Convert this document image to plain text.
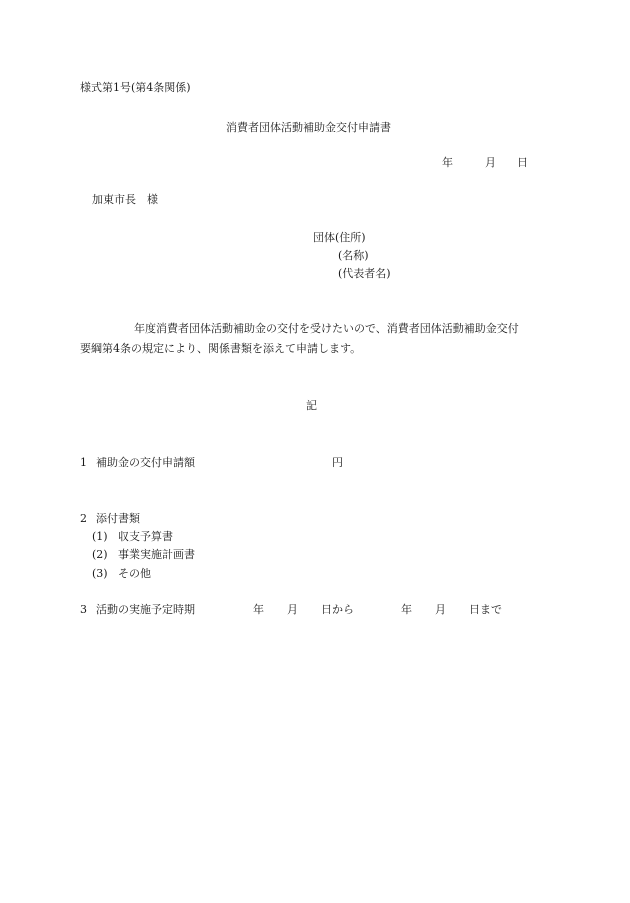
様式第1号(第4条関係)
消費者団体活動補助金交付申請書
年	月 日
加東市長　様
団体(住所)
(名称)
(代表者名)
年度消費者団体活動補助金の交付を受けたいので、消費者団体活動補助金交付
要綱第4条の規定により、関係書類を添えて申請します。
記
1 補助金の交付申請額	円
2 添付書類
(1) 収支予算書
(2) 事業実施計画書
(3) その他
3 活動の実施予定時期	年 月 日から	年 月 日まで
